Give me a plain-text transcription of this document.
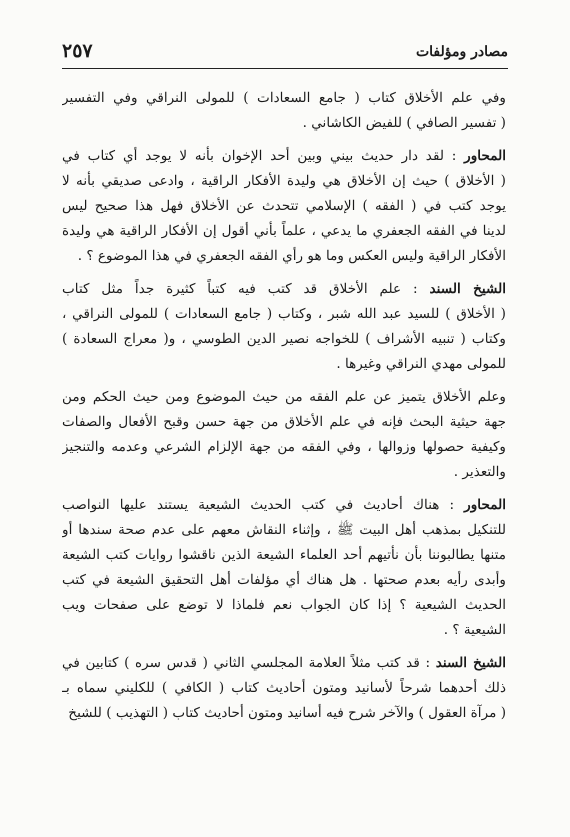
٢٥٧	مصادر ومؤلفات
وفي علم الأخلاق كتاب ( جامع السعادات ) للمولى النراقي وفي التفسير
( تفسير الصافي ) للفيض الكاشاني .
المحاور : لقد دار حديث بيني وبين أحد الإخوان بأنه لا يوجد أي كتاب في
( الأخلاق ) حيث إن الأخلاق هي وليدة الأفكار الراقية ، وادعى صديقي بأنه لا
يوجد كتب في ( الفقه ) الإسلامي تتحدث عن الأخلاق فهل هذا صحيح ليس
لدينا في الفقه الجعفري ما يدعي ، علماً بأني أقول إن الأفكار الراقية هي وليدة
الأفكار الراقية وليس العكس وما هو رأي الفقه الجعفري في هذا الموضوع ؟ .
الشيخ السند : علم الأخلاق قد كتب فيه كتباً كثيرة جداً مثل كتاب
( الأخلاق ) للسيد عبد الله شبر ، وكتاب ( جامع السعادات ) للمولى النراقي ،
وكتاب ( تنبيه الأشراف ) للخواجه نصير الدين الطوسي ، و( معراج السعادة )
للمولى مهدي النراقي وغيرها .
وعلم الأخلاق يتميز عن علم الفقه من حيث الموضوع ومن حيث الحكم ومن
جهة حيثية البحث فإنه في علم الأخلاق من جهة حسن وقبح الأفعال والصفات
وكيفية حصولها وزوالها ، وفي الفقه من جهة الإلزام الشرعي وعدمه والتنجيز
والتعذير .
المحاور : هناك أحاديث في كتب الحديث الشيعية يستند عليها النواصب
للتنكيل بمذهب أهل البيت ﷺ ، وإثناء النقاش معهم على عدم صحة سندها أو
متنها يطالبوننا بأن نأتيهم أحد العلماء الشيعة الذين ناقشوا روايات كتب الشيعة
وأبدى رأيه بعدم صحتها . هل هناك أي مؤلفات أهل التحقيق الشيعة في كتب
الحديث الشيعية ؟ إذا كان الجواب نعم فلماذا لا توضع على صفحات ويب
الشيعية ؟ .
الشيخ السند : قد كتب مثلاً العلامة المجلسي الثاني ( قدس سره ) كتابين في
ذلك أحدهما شرحاً لأسانيد ومتون أحاديث كتاب ( الكافي ) للكليني سماه بـ
( مرآة العقول ) والآخر شرح فيه أسانيد ومتون أحاديث كتاب ( التهذيب ) للشيخ
